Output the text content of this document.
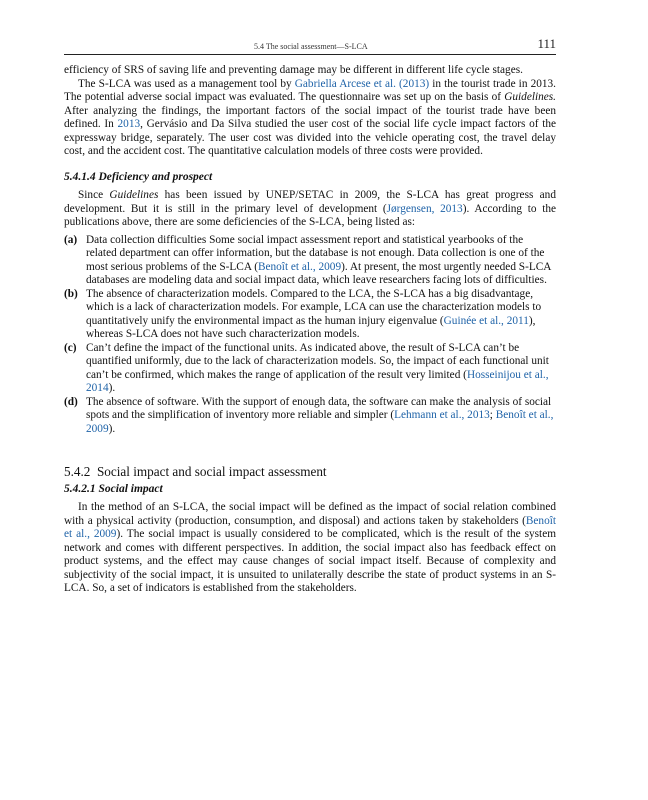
5.4 The social assessment—S-LCA	111

efficiency of SRS of saving life and preventing damage may be different in different life cycle stages.

The S-LCA was used as a management tool by Gabriella Arcese et al. (2013) in the tourist trade in 2013. The potential adverse social impact was evaluated. The questionnaire was set up on the basis of Guidelines. After analyzing the findings, the important factors of the social impact of the tourist trade have been defined. In 2013, Gervásio and Da Silva studied the user cost of the social life cycle impact factors of the expressway bridge, separately. The user cost was divided into the vehicle operating cost, the travel delay cost, and the accident cost. The quantitative calculation models of three costs were provided.

5.4.1.4 Deficiency and prospect

Since Guidelines has been issued by UNEP/SETAC in 2009, the S-LCA has great progress and development. But it is still in the primary level of development (Jørgensen, 2013). According to the publications above, there are some deficiencies of the S-LCA, being listed as:

(a) Data collection difficulties Some social impact assessment report and statistical yearbooks of the related department can offer information, but the database is not enough. Data collection is one of the most serious problems of the S-LCA (Benoît et al., 2009). At present, the most urgently needed S-LCA databases are modeling data and social impact data, which leave researchers facing lots of difficulties.
(b) The absence of characterization models. Compared to the LCA, the S-LCA has a big disadvantage, which is a lack of characterization models. For example, LCA can use the characterization models to quantitatively unify the environmental impact as the human injury eigenvalue (Guinée et al., 2011), whereas S-LCA does not have such characterization models.
(c) Can’t define the impact of the functional units. As indicated above, the result of S-LCA can’t be quantified uniformly, due to the lack of characterization models. So, the impact of each functional unit can’t be confirmed, which makes the range of application of the result very limited (Hosseinijou et al., 2014).
(d) The absence of software. With the support of enough data, the software can make the analysis of social spots and the simplification of inventory more reliable and simpler (Lehmann et al., 2013; Benoît et al., 2009).
5.4.2 Social impact and social impact assessment
5.4.2.1 Social impact

In the method of an S-LCA, the social impact will be defined as the impact of social relation combined with a physical activity (production, consumption, and disposal) and actions taken by stakeholders (Benoît et al., 2009). The social impact is usually considered to be complicated, which is the result of the system network and comes with different perspectives. In addition, the social impact also has feedback effect on product systems, and the effect may cause changes of social impact itself. Because of complexity and subjectivity of the social impact, it is unsuited to unilaterally describe the state of product systems in an S-LCA. So, a set of indicators is established from the stakeholders.
